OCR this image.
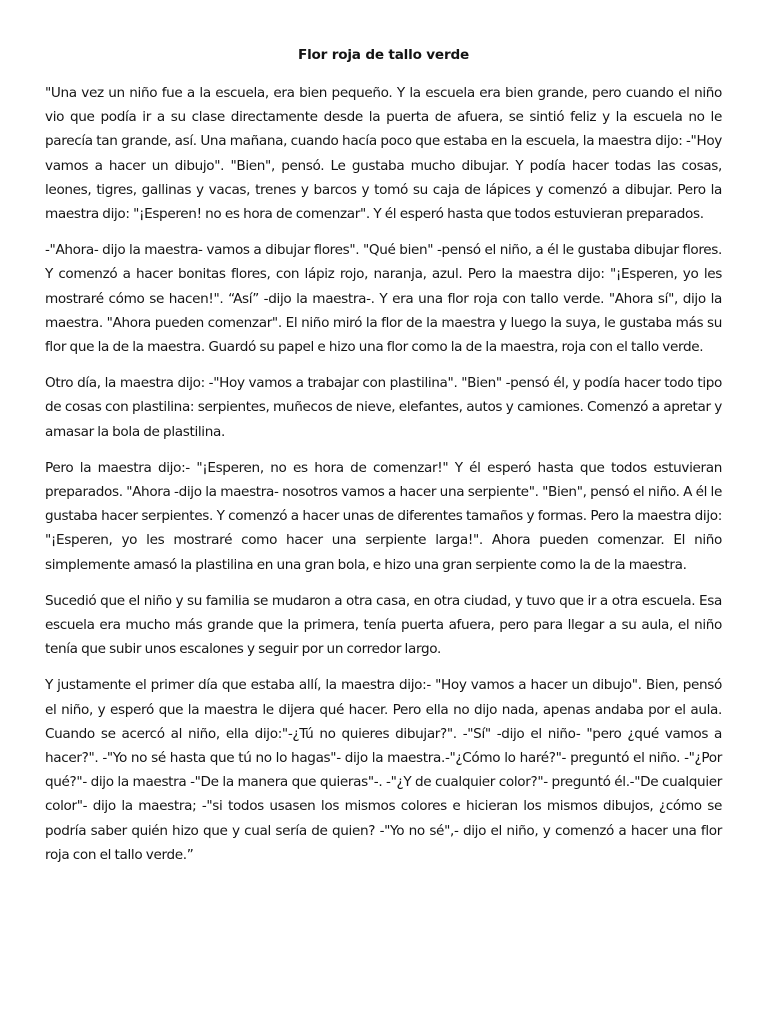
Flor roja de tallo verde

"Una vez un niño fue a la escuela, era bien pequeño. Y la escuela era bien grande, pero cuando el niño vio que podía ir a su clase directamente desde la puerta de afuera, se sintió feliz y la escuela no le parecía tan grande, así. Una mañana, cuando hacía poco que estaba en la escuela, la maestra dijo: -"Hoy vamos a hacer un dibujo". "Bien", pensó. Le gustaba mucho dibujar. Y podía hacer todas las cosas, leones, tigres, gallinas y vacas, trenes y barcos y tomó su caja de lápices y comenzó a dibujar. Pero la maestra dijo: "¡Esperen! no es hora de comenzar". Y él esperó hasta que todos estuvieran preparados.

-"Ahora- dijo la maestra- vamos a dibujar flores". "Qué bien" -pensó el niño, a él le gustaba dibujar flores. Y comenzó a hacer bonitas flores, con lápiz rojo, naranja, azul. Pero la maestra dijo: "¡Esperen, yo les mostraré cómo se hacen!". “Así” -dijo la maestra-. Y era una flor roja con tallo verde. "Ahora sí", dijo la maestra. "Ahora pueden comenzar". El niño miró la flor de la maestra y luego la suya, le gustaba más su flor que la de la maestra. Guardó su papel e hizo una flor como la de la maestra, roja con el tallo verde.

Otro día, la maestra dijo: -"Hoy vamos a trabajar con plastilina". "Bien" -pensó él, y podía hacer todo tipo de cosas con plastilina: serpientes, muñecos de nieve, elefantes, autos y camiones. Comenzó a apretar y amasar la bola de plastilina.

Pero la maestra dijo:- "¡Esperen, no es hora de comenzar!" Y él esperó hasta que todos estuvieran preparados. "Ahora -dijo la maestra- nosotros vamos a hacer una serpiente". "Bien", pensó el niño. A él le gustaba hacer serpientes. Y comenzó a hacer unas de diferentes tamaños y formas. Pero la maestra dijo: "¡Esperen, yo les mostraré como hacer una serpiente larga!". Ahora pueden comenzar. El niño simplemente amasó la plastilina en una gran bola, e hizo una gran serpiente como la de la maestra.

Sucedió que el niño y su familia se mudaron a otra casa, en otra ciudad, y tuvo que ir a otra escuela. Esa escuela era mucho más grande que la primera, tenía puerta afuera, pero para llegar a su aula, el niño tenía que subir unos escalones y seguir por un corredor largo.

Y justamente el primer día que estaba allí, la maestra dijo:- "Hoy vamos a hacer un dibujo". Bien, pensó el niño, y esperó que la maestra le dijera qué hacer. Pero ella no dijo nada, apenas andaba por el aula. Cuando se acercó al niño, ella dijo:"-¿Tú no quieres dibujar?". -"Sí" -dijo el niño- "pero ¿qué vamos a hacer?". -"Yo no sé hasta que tú no lo hagas"- dijo la maestra.-"¿Cómo lo haré?"- preguntó el niño. -"¿Por qué?"- dijo la maestra -"De la manera que quieras"-. -"¿Y de cualquier color?"- preguntó él.-"De cualquier color"- dijo la maestra; -"si todos usasen los mismos colores e hicieran los mismos dibujos, ¿cómo se podría saber quién hizo que y cual sería de quien? -"Yo no sé",- dijo el niño, y comenzó a hacer una flor roja con el tallo verde.”
